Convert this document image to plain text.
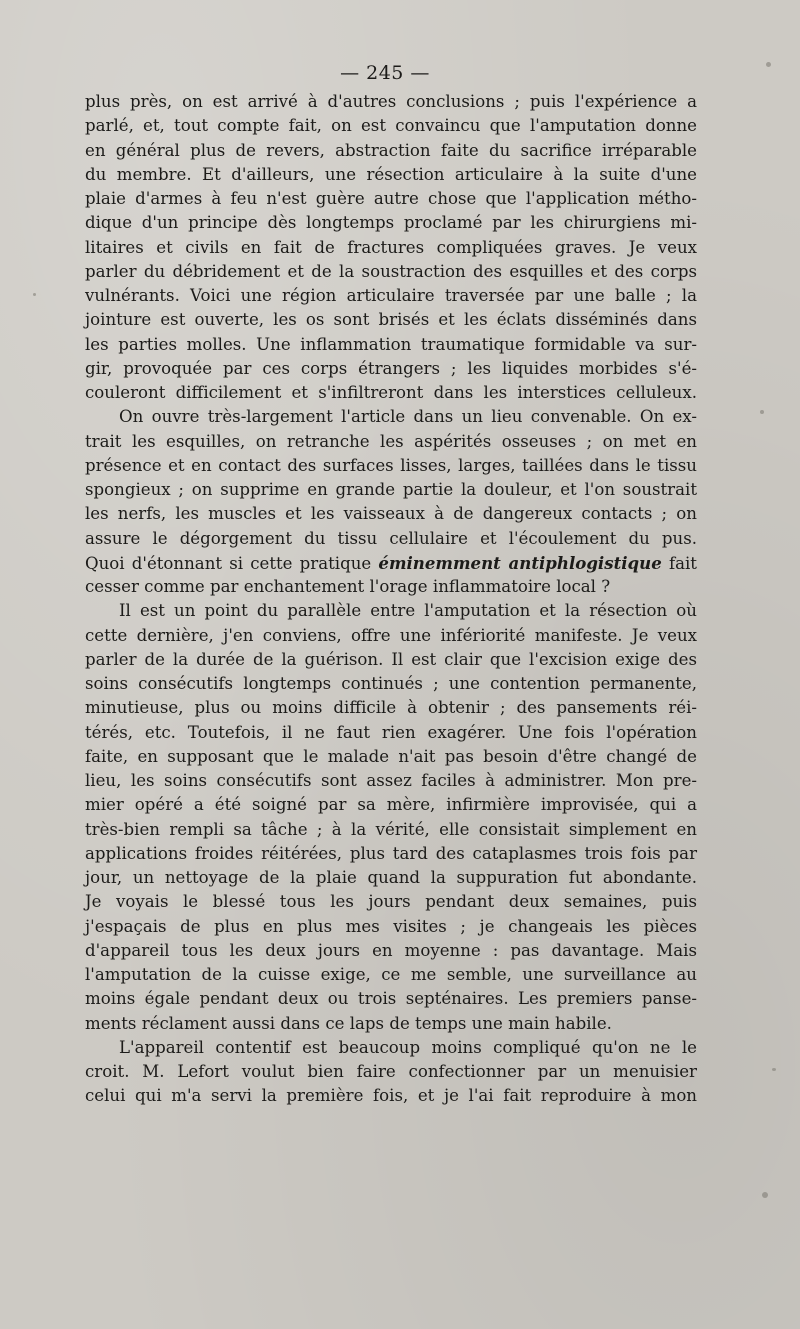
— 245 —
plus près, on est arrivé à d'autres conclusions ; puis l'expérience a
parlé, et, tout compte fait, on est convaincu que l'amputation donne
en général plus de revers, abstraction faite du sacrifice irréparable
du membre. Et d'ailleurs, une résection articulaire à la suite d'une
plaie d'armes à feu n'est guère autre chose que l'application métho-
dique d'un principe dès longtemps proclamé par les chirurgiens mi-
litaires et civils en fait de fractures compliquées graves. Je veux
parler du débridement et de la soustraction des esquilles et des corps
vulnérants. Voici une région articulaire traversée par une balle ; la
jointure est ouverte, les os sont brisés et les éclats disséminés dans
les parties molles. Une inflammation traumatique formidable va sur-
gir, provoquée par ces corps étrangers ; les liquides morbides s'é-
couleront difficilement et s'infiltreront dans les interstices celluleux.
On ouvre très-largement l'article dans un lieu convenable. On ex-
trait les esquilles, on retranche les aspérités osseuses ; on met en
présence et en contact des surfaces lisses, larges, taillées dans le tissu
spongieux ; on supprime en grande partie la douleur, et l'on soustrait
les nerfs, les muscles et les vaisseaux à de dangereux contacts ; on
assure le dégorgement du tissu cellulaire et l'écoulement du pus.
Quoi d'étonnant si cette pratique éminemment antiphlogistique fait
cesser comme par enchantement l'orage inflammatoire local ?
Il est un point du parallèle entre l'amputation et la résection où
cette dernière, j'en conviens, offre une infériorité manifeste. Je veux
parler de la durée de la guérison. Il est clair que l'excision exige des
soins consécutifs longtemps continués ; une contention permanente,
minutieuse, plus ou moins difficile à obtenir ; des pansements réi-
térés, etc. Toutefois, il ne faut rien exagérer. Une fois l'opération
faite, en supposant que le malade n'ait pas besoin d'être changé de
lieu, les soins consécutifs sont assez faciles à administrer. Mon pre-
mier opéré a été soigné par sa mère, infirmière improvisée, qui a
très-bien rempli sa tâche ; à la vérité, elle consistait simplement en
applications froides réitérées, plus tard des cataplasmes trois fois par
jour, un nettoyage de la plaie quand la suppuration fut abondante.
Je voyais le blessé tous les jours pendant deux semaines, puis
j'espaçais de plus en plus mes visites ; je changeais les pièces
d'appareil tous les deux jours en moyenne : pas davantage. Mais
l'amputation de la cuisse exige, ce me semble, une surveillance au
moins égale pendant deux ou trois septénaires. Les premiers panse-
ments réclament aussi dans ce laps de temps une main habile.
L'appareil contentif est beaucoup moins compliqué qu'on ne le
croit. M. Lefort voulut bien faire confectionner par un menuisier
celui qui m'a servi la première fois, et je l'ai fait reproduire à mon
